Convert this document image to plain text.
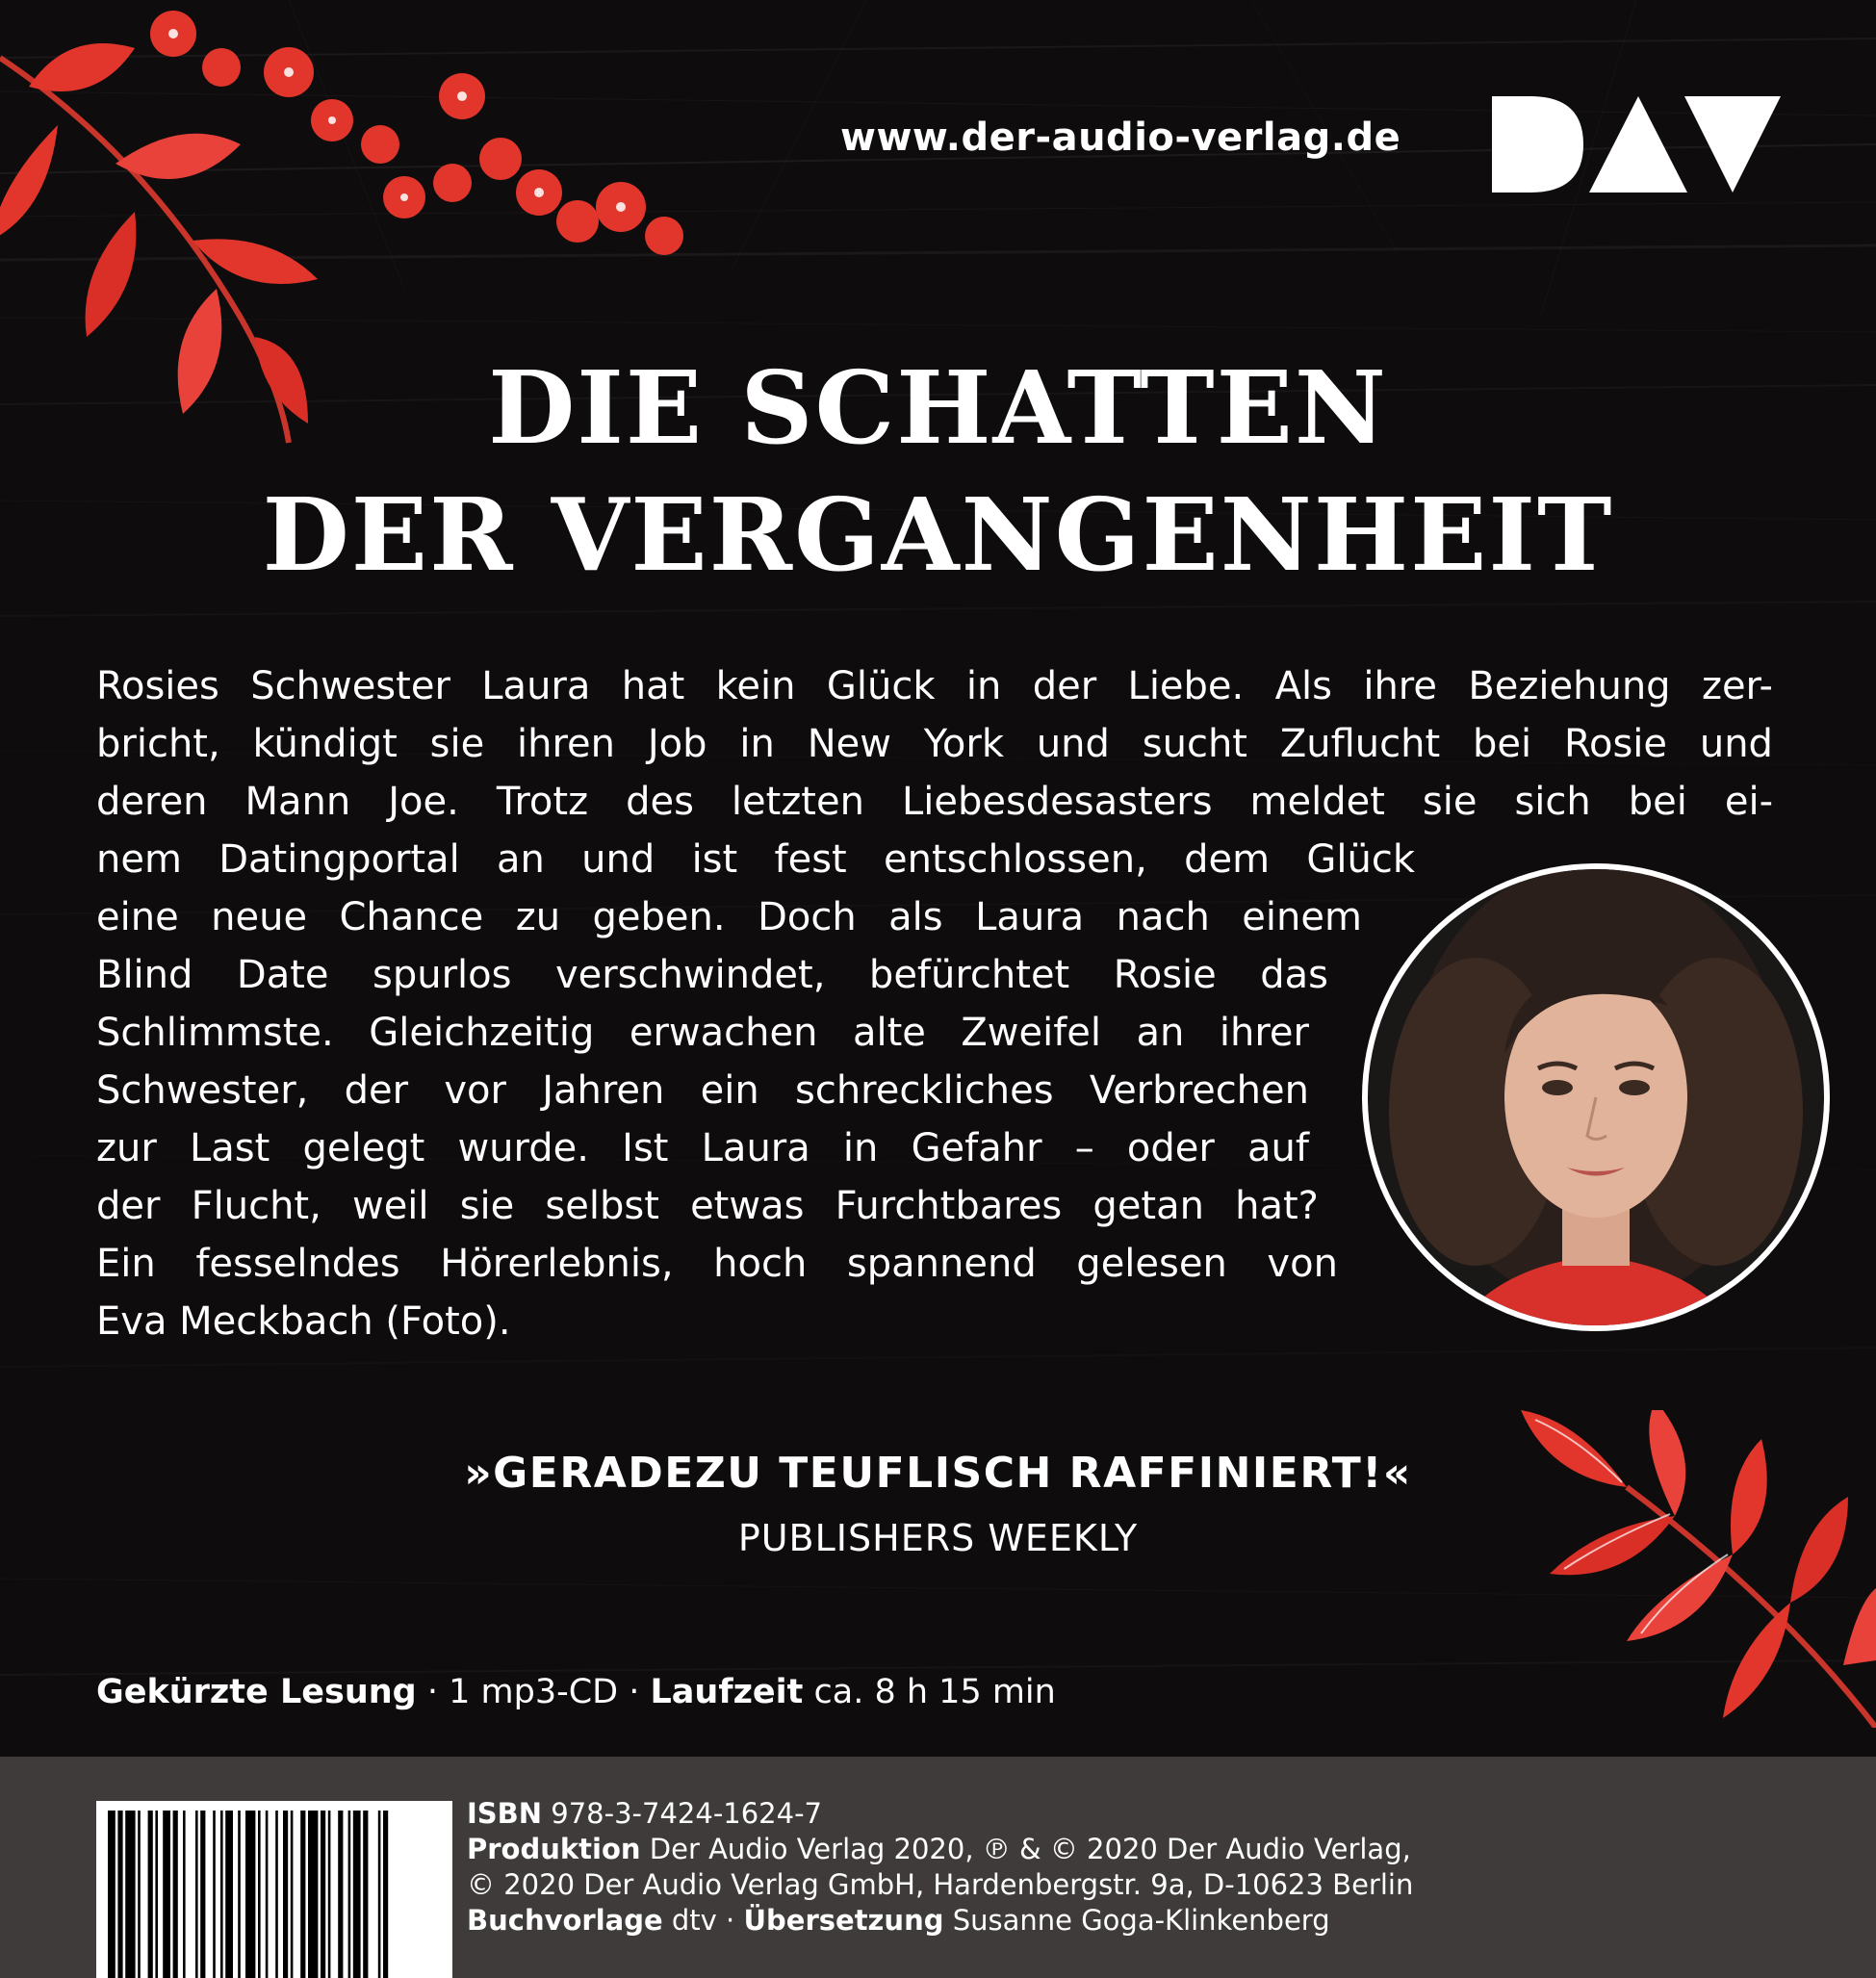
www.der-audio-verlag.de
DIE SCHATTEN
DER VERGANGENHEIT
Rosies Schwester Laura hat kein Glück in der Liebe. Als ihre Beziehung zer-
bricht, kündigt sie ihren Job in New York und sucht Zuflucht bei Rosie und
deren Mann Joe. Trotz des letzten Liebesdesasters meldet sie sich bei ei-
nem Datingportal an und ist fest entschlossen, dem Glück
eine neue Chance zu geben. Doch als Laura nach einem
Blind Date spurlos verschwindet, befürchtet Rosie das
Schlimmste. Gleichzeitig erwachen alte Zweifel an ihrer
Schwester, der vor Jahren ein schreckliches Verbrechen
zur Last gelegt wurde. Ist Laura in Gefahr – oder auf
der Flucht, weil sie selbst etwas Furchtbares getan hat?
Ein fesselndes Hörerlebnis, hoch spannend gelesen von
Eva Meckbach (Foto).
»GERADEZU TEUFLISCH RAFFINIERT!«
PUBLISHERS WEEKLY
Gekürzte Lesung · 1 mp3-CD · Laufzeit ca. 8 h 15 min
ISBN 978-3-7424-1624-7
Produktion Der Audio Verlag 2020, ℗ & © 2020 Der Audio Verlag,
© 2020 Der Audio Verlag GmbH, Hardenbergstr. 9a, D-10623 Berlin
Buchvorlage dtv · Übersetzung Susanne Goga-Klinkenberg
